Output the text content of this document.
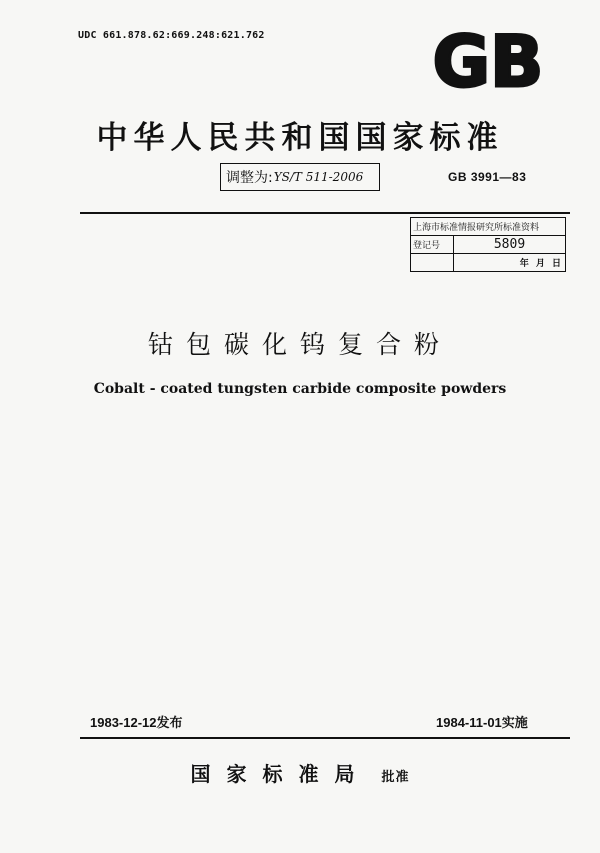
UDC 661.878.62:669.248:621.762 GB
中华人民共和国国家标准
调整为: YS/T 511-2006	GB 3991—83
上海市标准情报研究所标准资料	
登记号	5809
	年 月 日
钴包碳化钨复合粉
Cobalt - coated tungsten carbide composite powders
1983-12-12发布	1984-11-01实施
国家标准局 批准
